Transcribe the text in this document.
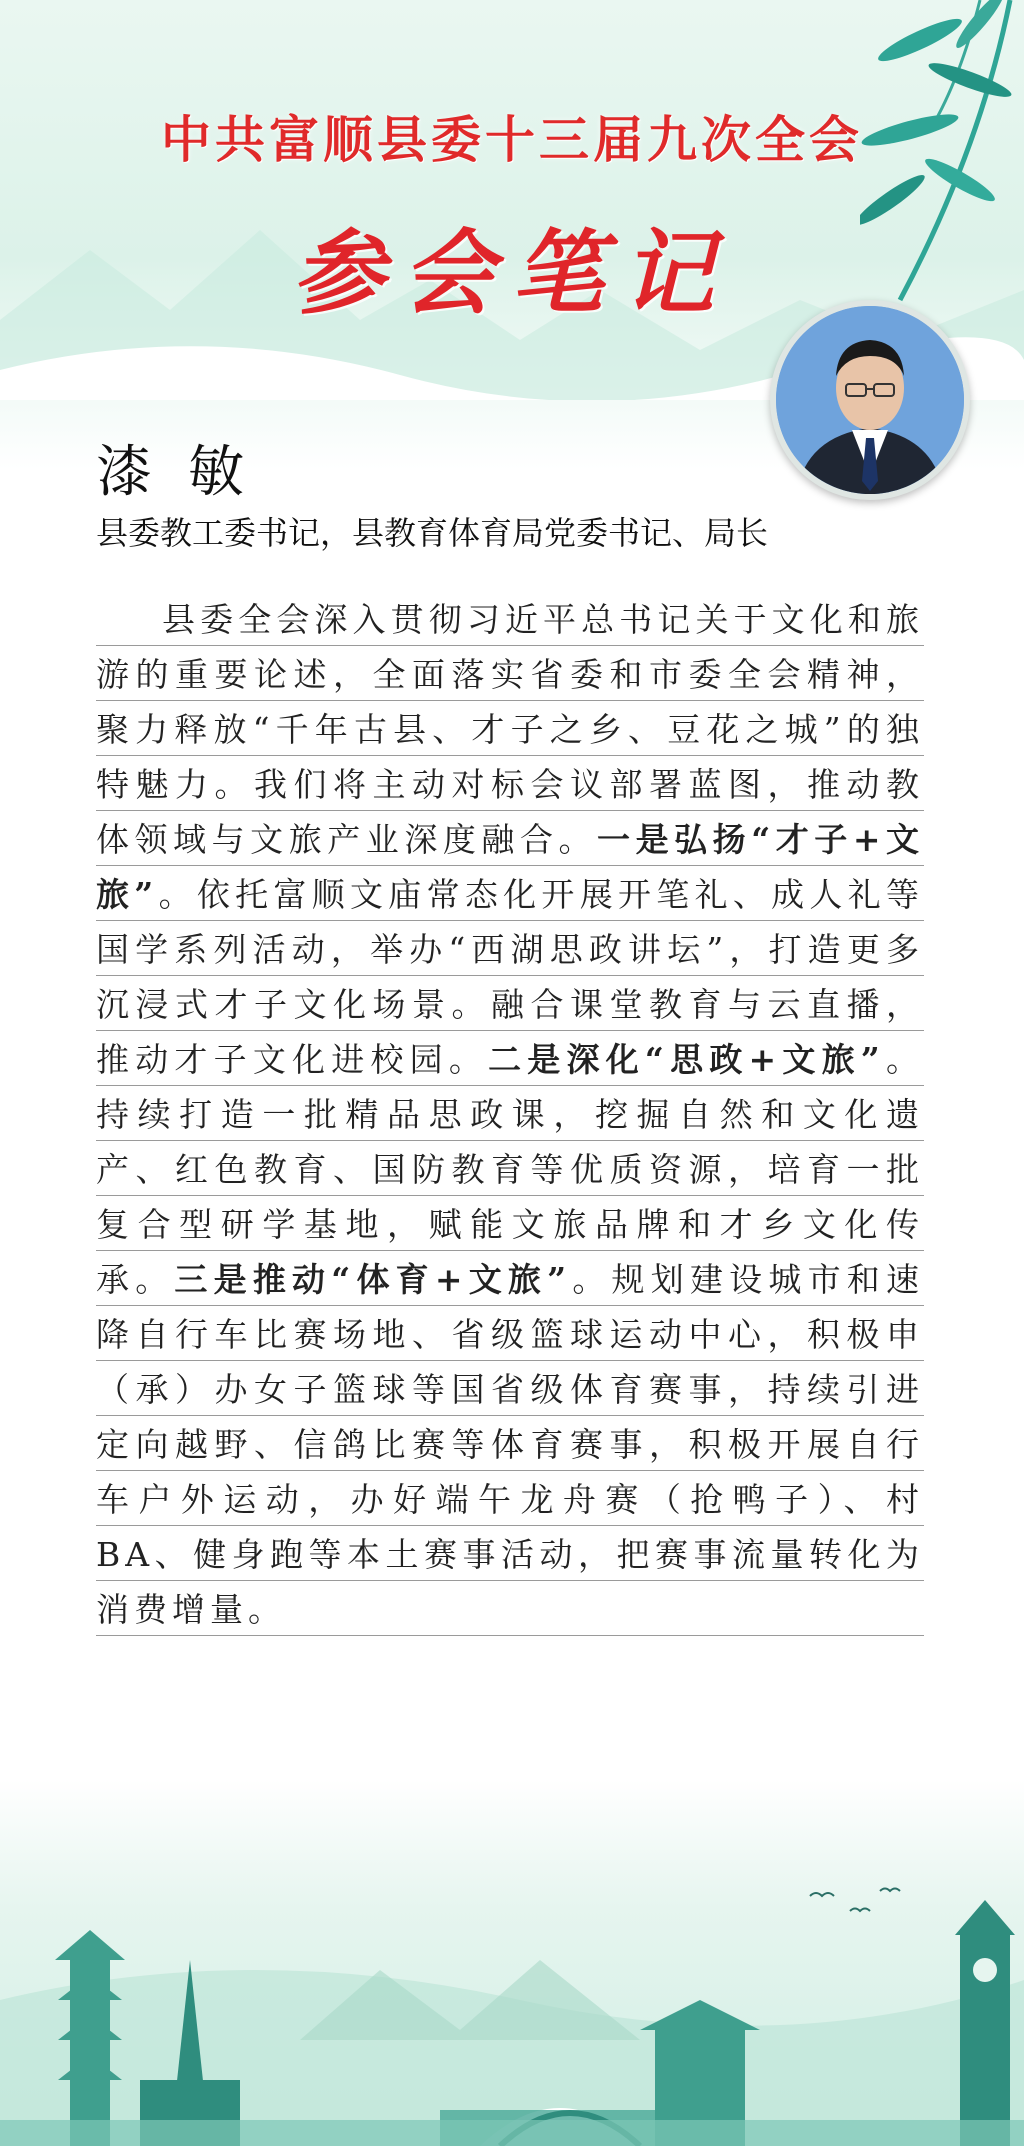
中共富顺县委十三届九次全会
参会笔记
漆敏
县委教工委书记，县教育体育局党委书记、局长
县委全会深入贯彻习近平总书记关于文化和旅游的重要论述，全面落实省委和市委全会精神，聚力释放“千年古县、才子之乡、豆花之城”的独特魅力。我们将主动对标会议部署蓝图，推动教体领域与文旅产业深度融合。一是弘扬“才子+文旅”。依托富顺文庙常态化开展开笔礼、成人礼等国学系列活动，举办“西湖思政讲坛”，打造更多沉浸式才子文化场景。融合课堂教育与云直播，推动才子文化进校园。二是深化“思政+文旅”。持续打造一批精品思政课，挖掘自然和文化遗产、红色教育、国防教育等优质资源，培育一批复合型研学基地，赋能文旅品牌和才乡文化传承。三是推动“体育+文旅”。规划建设城市和速降自行车比赛场地、省级篮球运动中心，积极申（承）办女子篮球等国省级体育赛事，持续引进定向越野、信鸽比赛等体育赛事，积极开展自行车户外运动，办好端午龙舟赛（抢鸭子）、村BA、健身跑等本土赛事活动，把赛事流量转化为消费增量。
